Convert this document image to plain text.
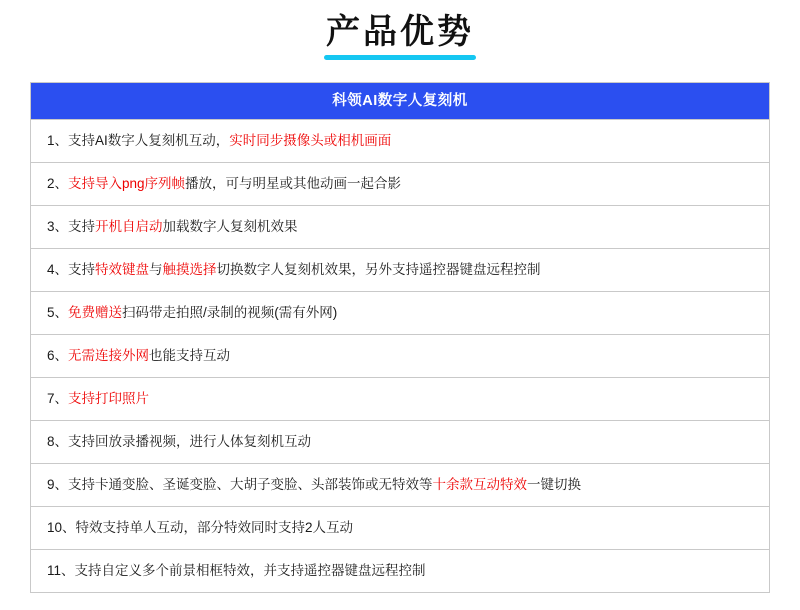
产品优势
科领AI数字人复刻机
1、支持AI数字人复刻机互动，实时同步摄像头或相机画面
2、支持导入png序列帧播放，可与明星或其他动画一起合影
3、支持开机自启动加载数字人复刻机效果
4、支持特效键盘与触摸选择切换数字人复刻机效果，另外支持遥控器键盘远程控制
5、免费赠送扫码带走拍照/录制的视频(需有外网)
6、无需连接外网也能支持互动
7、支持打印照片
8、支持回放录播视频，进行人体复刻机互动
9、支持卡通变脸、圣诞变脸、大胡子变脸、头部装饰或无特效等十余款互动特效一键切换
10、特效支持单人互动，部分特效同时支持2人互动
11、支持自定义多个前景相框特效，并支持遥控器键盘远程控制
